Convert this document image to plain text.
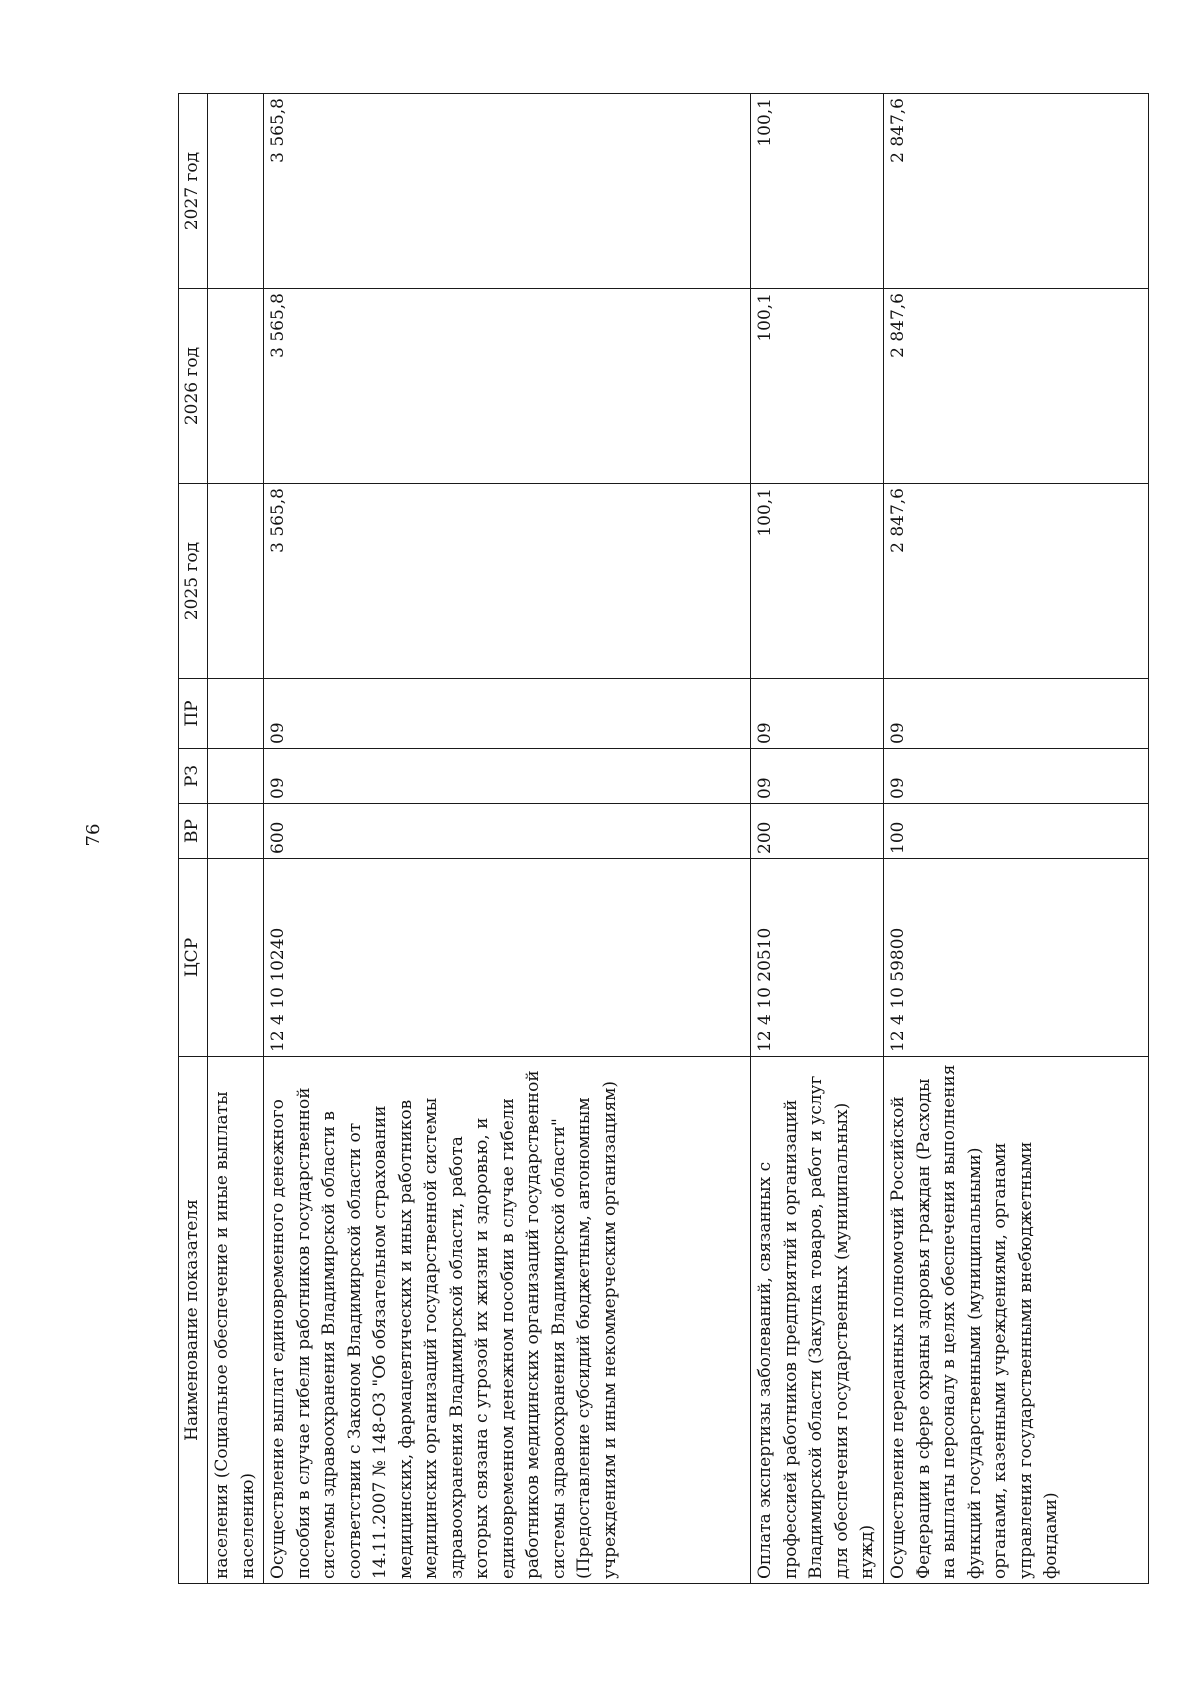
76
Наименование показателя	ЦСР	ВР	РЗ	ПР	2025 год	2026 год	2027 год
населения (Социальное обеспечение и иные выплаты населению)							
Осуществление выплат единовременного денежного пособия в случае гибели работников государственной системы здравоохранения Владимирской области в соответствии с Законом Владимирской области от 14.11.2007 № 148-ОЗ "Об обязательном страховании медицинских, фармацевтических и иных работников медицинских организаций государственной системы здравоохранения Владимирской области, работа которых связана с угрозой их жизни и здоровью, и единовременном денежном пособии в случае гибели работников медицинских организаций государственной системы здравоохранения Владимирской области" (Предоставление субсидий бюджетным, автономным учреждениям и иным некоммерческим организациям)	12 4 10 10240	600	09	09	3 565,8	3 565,8	3 565,8
Оплата экспертизы заболеваний, связанных с профессией работников предприятий и организаций Владимирской области (Закупка товаров, работ и услуг для обеспечения государственных (муниципальных) нужд)	12 4 10 20510	200	09	09	100,1	100,1	100,1
Осуществление переданных полномочий Российской Федерации в сфере охраны здоровья граждан (Расходы на выплаты персоналу в целях обеспечения выполнения функций государственными (муниципальными) органами, казенными учреждениями, органами управления государственными внебюджетными фондами)	12 4 10 59800	100	09	09	2 847,6	2 847,6	2 847,6
